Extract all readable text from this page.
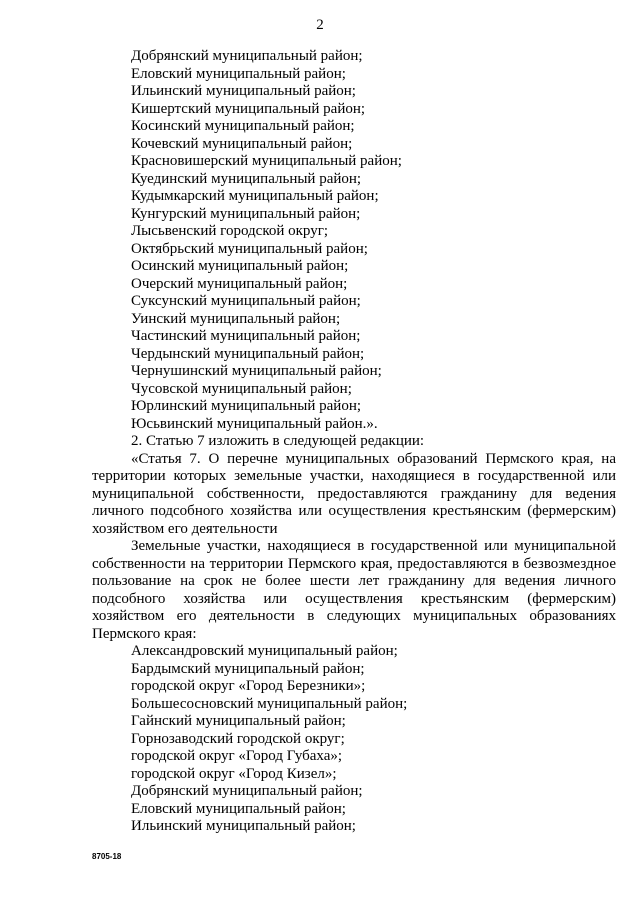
2
Добрянский муниципальный район;
Еловский муниципальный район;
Ильинский муниципальный район;
Кишертский муниципальный район;
Косинский муниципальный район;
Кочевский муниципальный район;
Красновишерский муниципальный район;
Куединский муниципальный район;
Кудымкарский муниципальный район;
Кунгурский муниципальный район;
Лысьвенский городской округ;
Октябрьский муниципальный район;
Осинский муниципальный район;
Очерский муниципальный район;
Суксунский муниципальный район;
Уинский муниципальный район;
Частинский муниципальный район;
Чердынский муниципальный район;
Чернушинский муниципальный район;
Чусовской муниципальный район;
Юрлинский муниципальный район;
Юсьвинский муниципальный район.».
2. Статью 7 изложить в следующей редакции:
«Статья 7. О перечне муниципальных образований Пермского края, на территории которых земельные участки, находящиеся в государственной или муниципальной собственности, предоставляются гражданину для ведения личного подсобного хозяйства или осуществления крестьянским (фермерским) хозяйством его деятельности
Земельные участки, находящиеся в государственной или муниципальной собственности на территории Пермского края, предоставляются в безвозмездное пользование на срок не более шести лет гражданину для ведения личного подсобного хозяйства или осуществления крестьянским (фермерским) хозяйством его деятельности в следующих муниципальных образованиях Пермского края:
Александровский муниципальный район;
Бардымский муниципальный район;
городской округ «Город Березники»;
Большесосновский муниципальный район;
Гайнский муниципальный район;
Горнозаводский городской округ;
городской округ «Город Губаха»;
городской округ «Город Кизел»;
Добрянский муниципальный район;
Еловский муниципальный район;
Ильинский муниципальный район;
8705-18
